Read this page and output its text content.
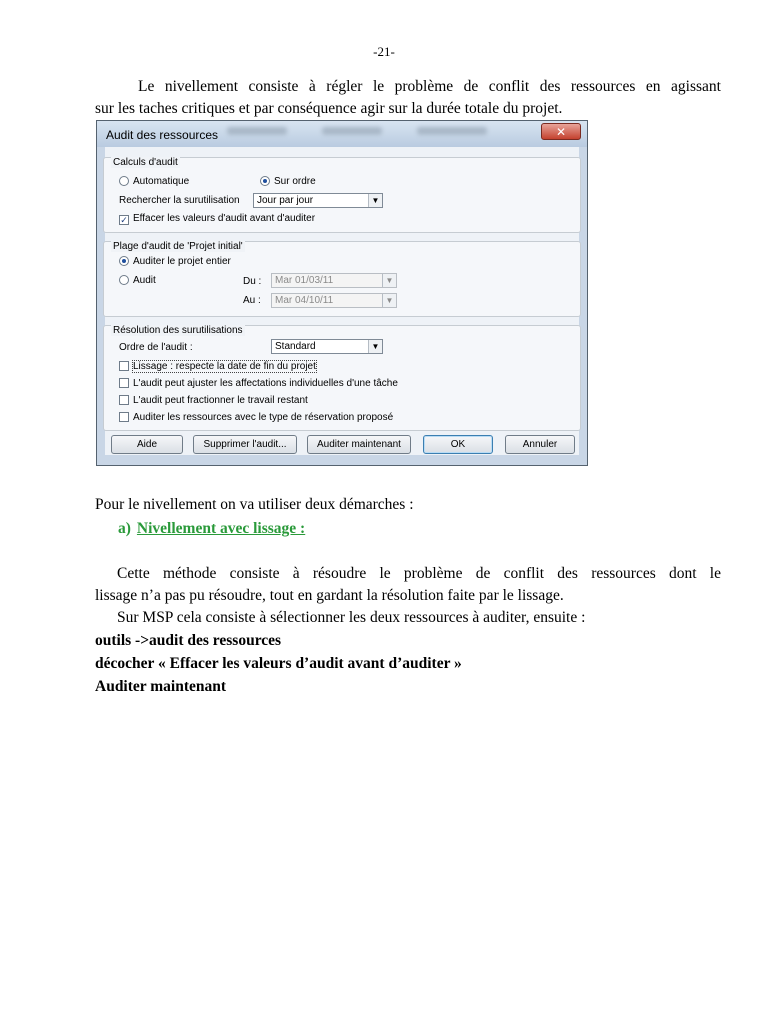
-21-
Le nivellement consiste à régler le problème de conflit des ressources en agissant
sur les taches critiques et par conséquence agir sur la durée totale du projet.
Audit des ressources	✕
Calculs d'audit
Automatique	Sur ordre
Rechercher la surutilisation Jour par jour	▼
✓ Effacer les valeurs d'audit avant d'auditer
Plage d'audit de 'Projet initial'
Auditer le projet entier
Audit	Du : Mar 01/03/11	▼
Au : Mar 04/10/11	▼
Résolution des surutilisations
Ordre de l'audit :	Standard	▼
Lissage : respecte la date de fin du projet
L'audit peut ajuster les affectations individuelles d'une tâche
L'audit peut fractionner le travail restant
Auditer les ressources avec le type de réservation proposé
Aide	Supprimer l'audit...	Auditer maintenant	OK	Annuler
Pour le nivellement on va utiliser deux démarches :
a) Nivellement avec lissage :
Cette méthode consiste à résoudre le problème de conflit des ressources dont le
lissage n’a pas pu résoudre, tout en gardant la résolution faite par le lissage.
Sur MSP cela consiste à sélectionner les deux ressources à auditer, ensuite :
outils ->audit des ressources
décocher « Effacer les valeurs d’audit avant d’auditer »
Auditer maintenant
